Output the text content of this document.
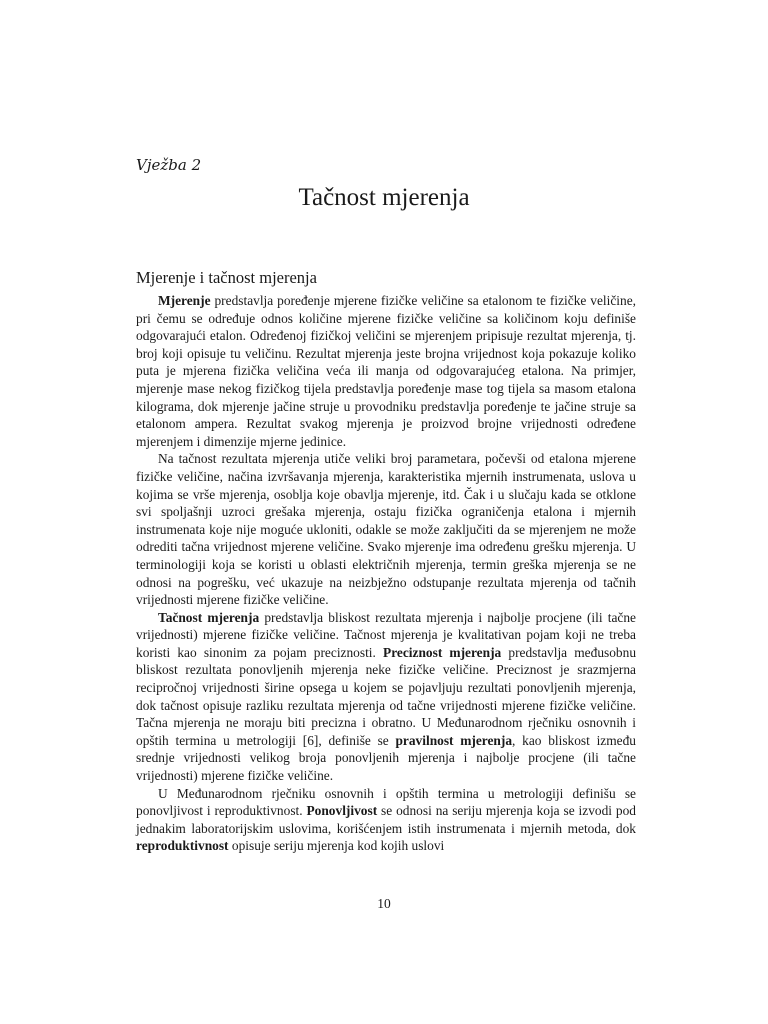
Vježba 2

Tačnost mjerenja
Mjerenje i tačnost mjerenja

Mjerenje predstavlja poređenje mjerene fizičke veličine sa etalonom te fizičke veličine, pri čemu se određuje odnos količine mjerene fizičke veličine sa količinom koju definiše odgovarajući etalon. Određenoj fizičkoj veličini se mjerenjem pripisuje rezultat mjerenja, tj. broj koji opisuje tu veličinu. Rezultat mjerenja jeste brojna vrijednost koja pokazuje koliko puta je mjerena fizička veličina veća ili manja od odgovarajućeg etalona. Na primjer, mjerenje mase nekog fizičkog tijela predstavlja poređenje mase tog tijela sa masom etalona kilograma, dok mjerenje jačine struje u provodniku predstavlja poređenje te jačine struje sa etalonom ampera. Rezultat svakog mjerenja je proizvod brojne vrijednosti određene mjerenjem i dimenzije mjerne jedinice.

Na tačnost rezultata mjerenja utiče veliki broj parametara, počevši od etalona mjerene fizičke veličine, načina izvršavanja mjerenja, karakteristika mjernih instrumenata, uslova u kojima se vrše mjerenja, osoblja koje obavlja mjerenje, itd. Čak i u slučaju kada se otklone svi spoljašnji uzroci grešaka mjerenja, ostaju fizička ograničenja etalona i mjernih instrumenata koje nije moguće ukloniti, odakle se može zaključiti da se mjerenjem ne može odrediti tačna vrijednost mjerene veličine. Svako mjerenje ima određenu grešku mjerenja. U terminologiji koja se koristi u oblasti električnih mjerenja, termin greška mjerenja se ne odnosi na pogrešku, već ukazuje na neizbježno odstupanje rezultata mjerenja od tačnih vrijednosti mjerene fizičke veličine.

Tačnost mjerenja predstavlja bliskost rezultata mjerenja i najbolje procjene (ili tačne vrijednosti) mjerene fizičke veličine. Tačnost mjerenja je kvalitativan pojam koji ne treba koristi kao sinonim za pojam preciznosti. Preciznost mjerenja predstavlja međusobnu bliskost rezultata ponovljenih mjerenja neke fizičke veličine. Preciznost je srazmjerna recipročnoj vrijednosti širine opsega u kojem se pojavljuju rezultati ponovljenih mjerenja, dok tačnost opisuje razliku rezultata mjerenja od tačne vrijednosti mjerene fizičke veličine. Tačna mjerenja ne moraju biti precizna i obratno. U Međunarodnom rječniku osnovnih i opštih termina u metrologiji [6], definiše se pravilnost mjerenja, kao bliskost između srednje vrijednosti velikog broja ponovljenih mjerenja i najbolje procjene (ili tačne vrijednosti) mjerene fizičke veličine.

U Međunarodnom rječniku osnovnih i opštih termina u metrologiji definišu se ponovljivost i reproduktivnost. Ponovljivost se odnosi na seriju mjerenja koja se izvodi pod jednakim laboratorijskim uslovima, korišćenjem istih instrumenata i mjernih metoda, dok reproduktivnost opisuje seriju mjerenja kod kojih uslovi

10
